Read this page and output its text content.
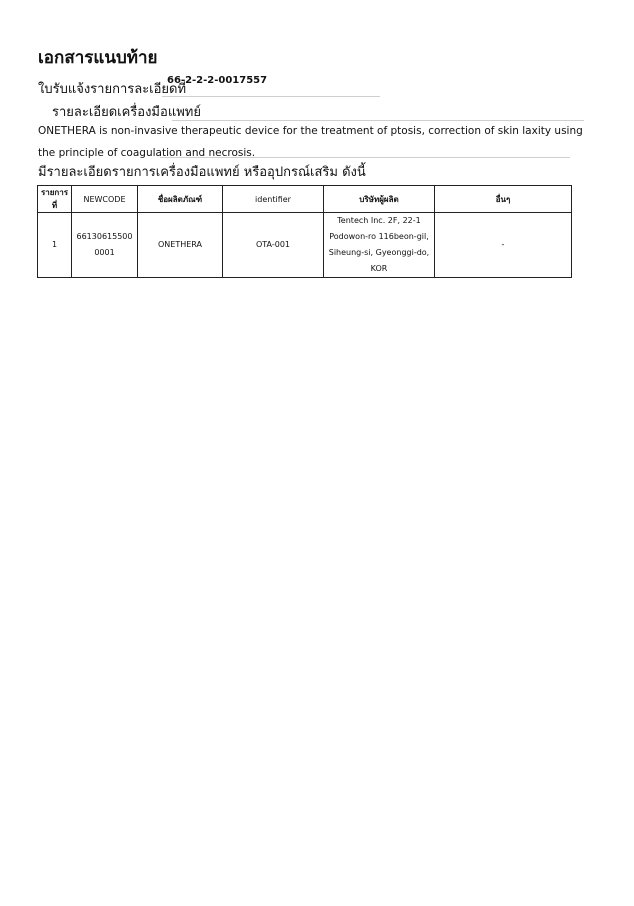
เอกสารแนบท้าย
ใบรับแจ้งรายการละเอียดที่
66-2-2-2-0017557
รายละเอียดเครื่องมือแพทย์

ONETHERA is non-invasive therapeutic device for the treatment of ptosis, correction of skin laxity using the principle of coagulation and necrosis.

มีรายละเอียดรายการเครื่องมือแพทย์ หรืออุปกรณ์เสริม ดังนี้
รายการที่	NEWCODE	ชื่อผลิตภัณฑ์	identifier	บริษัทผู้ผลิต	อื่นๆ
1	661306155000001	ONETHERA	OTA-001	Tentech Inc. 2F, 22-1 Podowon-ro 116beon-gil, Siheung-si, Gyeonggi-do, KOR	-
